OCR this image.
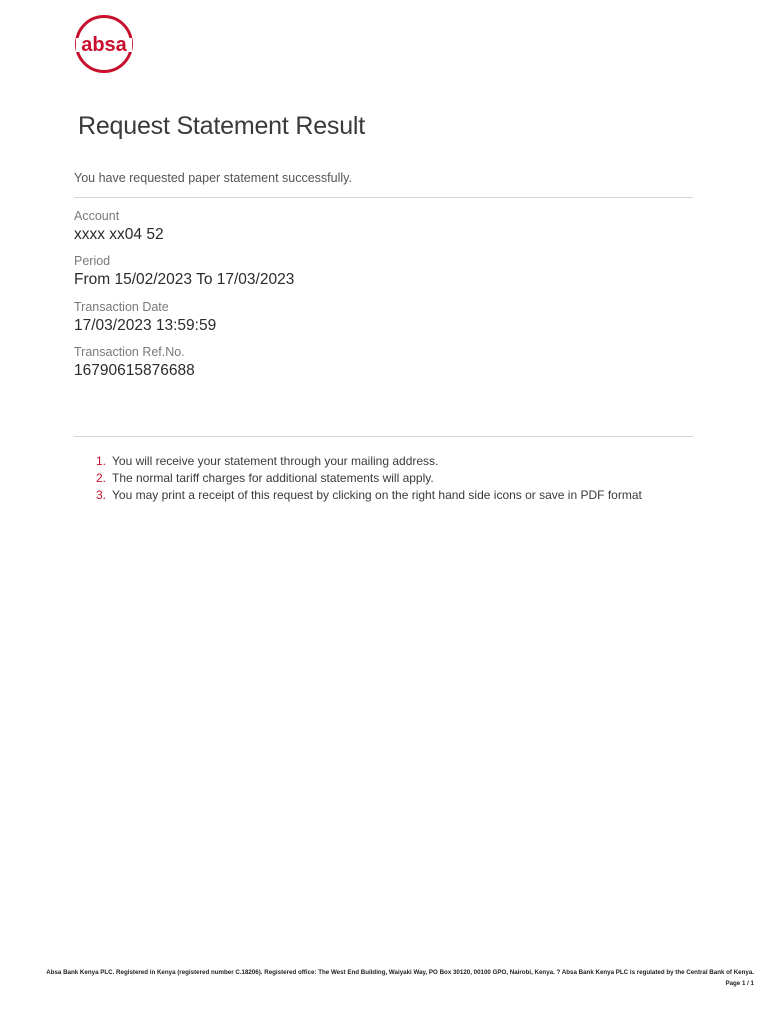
absa
Request Statement Result
You have requested paper statement successfully.
Account
xxxx xx04 52
Period
From 15/02/2023 To 17/03/2023
Transaction Date
17/03/2023 13:59:59
Transaction Ref.No.
16790615876688
1. You will receive your statement through your mailing address.
2. The normal tariff charges for additional statements will apply.
3. You may print a receipt of this request by clicking on the right hand side icons or save in PDF format
Absa Bank Kenya PLC. Registered in Kenya (registered number C.18206). Registered office: The West End Building, Waiyaki Way, PO Box 30120, 00100 GPO, Nairobi, Kenya. ? Absa Bank Kenya PLC is regulated by the Central Bank of Kenya.
Page 1 / 1
